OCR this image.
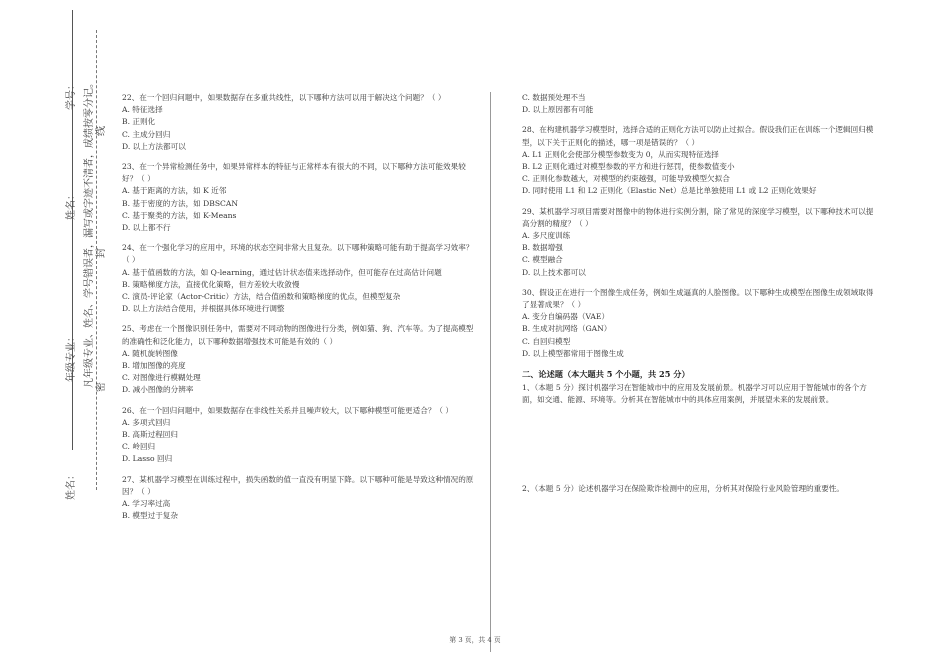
学号：
姓名：
年级专业：
姓名：
凡年级专业、姓名、学号错误者，漏写或字迹不清者，成绩按零分记。 密
封
线

22、在一个回归问题中，如果数据存在多重共线性，以下哪种方法可以用于解决这个问题？（ ）

A. 特征选择

B. 正则化

C. 主成分回归

D. 以上方法都可以

23、在一个异常检测任务中，如果异常样本的特征与正常样本有很大的不同，以下哪种方法可能效果较好？（ ）

A. 基于距离的方法，如 K 近邻

B. 基于密度的方法，如 DBSCAN

C. 基于聚类的方法，如 K-Means

D. 以上都不行

24、在一个强化学习的应用中，环境的状态空间非常大且复杂。以下哪种策略可能有助于提高学习效率？（ ）

A. 基于值函数的方法，如 Q-learning，通过估计状态值来选择动作，但可能存在过高估计问题

B. 策略梯度方法，直接优化策略，但方差较大收敛慢

C. 演员-评论家（Actor-Critic）方法，结合值函数和策略梯度的优点，但模型复杂

D. 以上方法结合使用，并根据具体环境进行调整

25、考虑在一个图像识别任务中，需要对不同动物的图像进行分类，例如猫、狗、汽车等。为了提高模型的准确性和泛化能力，以下哪种数据增强技术可能是有效的（ ）

A. 随机旋转图像

B. 增加图像的亮度

C. 对图像进行模糊处理

D. 减小图像的分辨率

26、在一个回归问题中，如果数据存在非线性关系并且噪声较大，以下哪种模型可能更适合？（ ）

A. 多项式回归

B. 高斯过程回归

C. 岭回归

D. Lasso 回归

27、某机器学习模型在训练过程中，损失函数的值一直没有明显下降。以下哪种可能是导致这种情况的原因？（ ）

A. 学习率过高

B. 模型过于复杂

C. 数据预处理不当

D. 以上原因都有可能

28、在构建机器学习模型时，选择合适的正则化方法可以防止过拟合。假设我们正在训练一个逻辑回归模型，以下关于正则化的描述，哪一项是错误的？（ ）

A. L1 正则化会使部分模型参数变为 0，从而实现特征选择

B. L2 正则化通过对模型参数的平方和进行惩罚，使参数值变小

C. 正则化参数越大，对模型的约束越强，可能导致模型欠拟合

D. 同时使用 L1 和 L2 正则化（Elastic Net）总是比单独使用 L1 或 L2 正则化效果好

29、某机器学习项目需要对图像中的物体进行实例分割，除了常见的深度学习模型，以下哪种技术可以提高分割的精度？（ ）

A. 多尺度训练

B. 数据增强

C. 模型融合

D. 以上技术都可以

30、假设正在进行一个图像生成任务，例如生成逼真的人脸图像。以下哪种生成模型在图像生成领域取得了显著成果？（ ）

A. 变分自编码器（VAE）

B. 生成对抗网络（GAN）

C. 自回归模型

D. 以上模型都常用于图像生成

二、论述题（本大题共 5 个小题，共 25 分）

1、（本题 5 分）探讨机器学习在智能城市中的应用及发展前景。机器学习可以应用于智能城市的各个方面，如交通、能源、环境等。分析其在智能城市中的具体应用案例，并展望未来的发展前景。

2、（本题 5 分）论述机器学习在保险欺诈检测中的应用，分析其对保险行业风险管理的重要性。

第 3 页，共 4 页
